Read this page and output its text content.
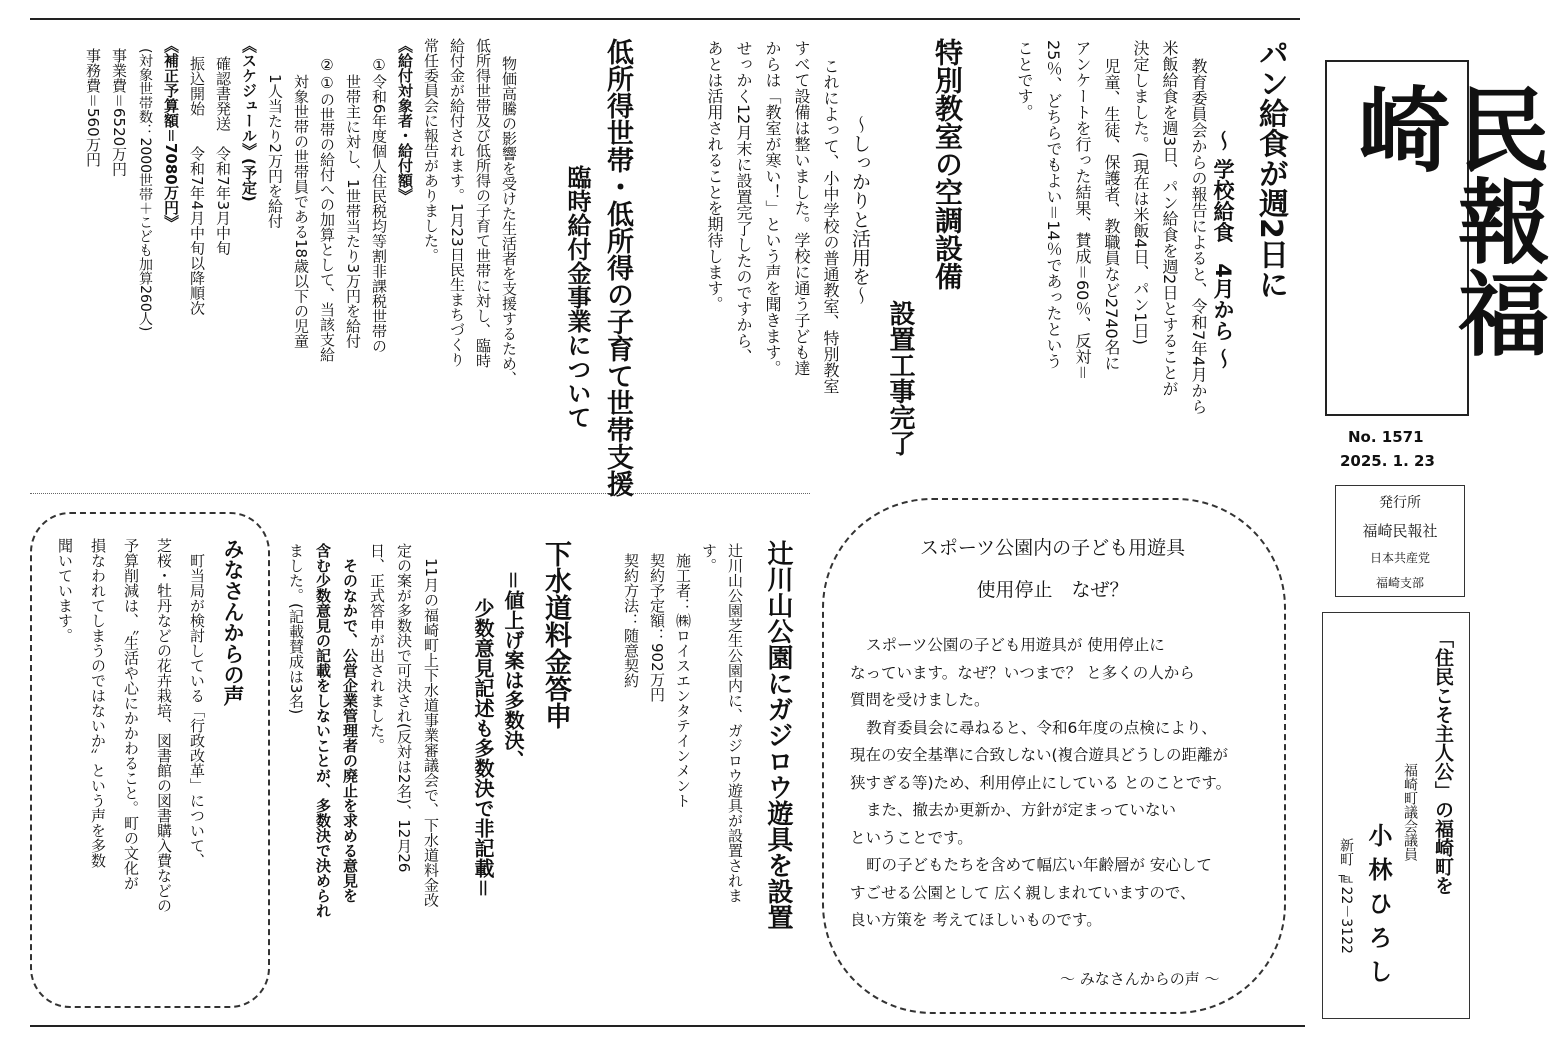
民報福崎
No. 1571
2025. 1. 23
発行所
福崎民報社
日本共産党
福崎支部
「住民こそ主人公」の福崎町を
福崎町議会議員
小林ひろし
新町 ℡22－3122
パン給食が週2日に
～ 学校給食　4月から ～

教育委員会からの報告によると、令和7年4月から

米飯給食を週3日、パン給食を週2日とすることが

決定しました。(現在は米飯4日、パン1日)

児童、生徒、保護者、教職員など2740名に

アンケートを行った結果、賛成＝60％、反対＝

25％、どちらでもよい＝14％であったという

ことです。

特別教室の空調設備
設置工事完了
～しっかりと活用を～

これによって、小中学校の普通教室、特別教室

すべて設備は整いました。学校に通う子ども達

からは「教室が寒い！」という声を聞きます。

せっかく12月末に設置完了したのですから、

あとは活用されることを期待します。

低所得世帯・低所得の子育て世帯支援
臨時給付金事業について

物価高騰の影響を受けた生活者を支援するため、

低所得世帯及び低所得の子育て世帯に対し、臨時

給付金が給付されます。1月23日民生まちづくり

常任委員会に報告がありました。

《給付対象者・給付額》

①令和6年度個人住民税均等割非課税世帯の

世帯主に対し、1世帯当たり3万円を給付

②①の世帯の給付への加算として、当該支給

対象世帯の世帯員である18歳以下の児童

1人当たり2万円を給付

《スケジュール》(予定)

確認書発送　令和7年3月中旬

振込開始　　令和7年4月中旬以降順次

《補正予算額＝7080万円》

(対象世帯数：2000世帯＋こども加算260人)

事業費＝6520万円

事務費＝560万円

スポーツ公園内の子ども用遊具
使用停止　なぜ？
スポーツ公園の子ども用遊具が 使用停止に
なっています。なぜ？いつまで？ と多くの人から
質問を受けました。
教育委員会に尋ねると、令和6年度の点検により、
現在の安全基準に合致しない(複合遊具どうしの距離が
狭すぎる等)ため、利用停止にしている とのことです。
また、撤去か更新か、方針が定まっていない
ということです。
町の子どもたちを含めて幅広い年齢層が 安心して
すごせる公園として 広く親しまれていますので、
良い方策を 考えてほしいものです。
～ みなさんからの声 ～
辻川山公園にガジロウ遊具を設置

辻川山公園芝生公園内に、ガジロウ遊具が設置されま

す。

施工者：㈱ロイスエンタテインメント

契約予定額：902万円

契約方法：随意契約

下水道料金答申
＝値上げ案は多数決、
少数意見記述も多数決で非記載＝

11月の福崎町上下水道事業審議会で、下水道料金改

定の案が多数決で可決され(反対は2名)、12月26

日、正式答申が出されました。

そのなかで、公営企業管理者の廃止を求める意見を

含む少数意見の記載をしないことが、多数決で決められ

ました。(記載賛成は3名)

みなさんからの声

町当局が検討している「行政改革」について、

芝桜・牡丹などの花卉栽培、図書館の図書購入費などの

予算削減は、〝生活や心にかかわること。町の文化が

損なわれてしまうのではないか〟という声を多数

聞いています。
